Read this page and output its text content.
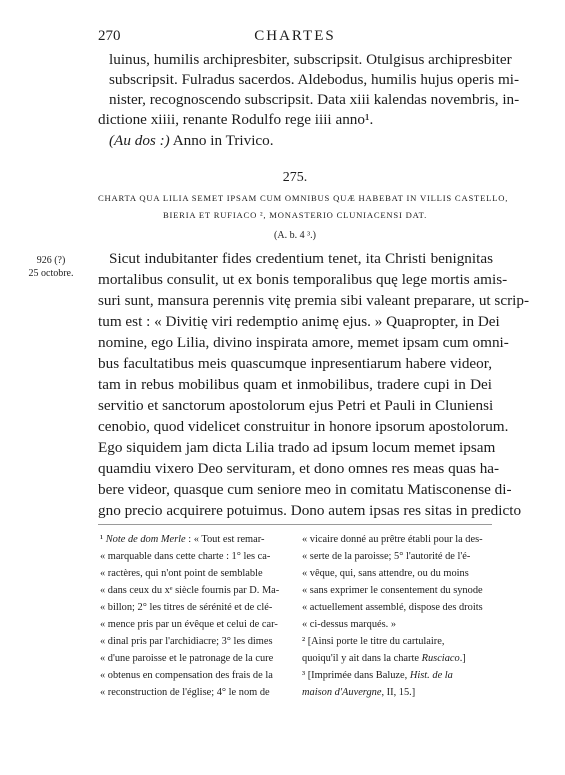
270	CHARTES
luinus, humilis archipresbiter, subscripsit. Otulgisus archipresbiter
subscripsit. Fulradus sacerdos. Aldebodus, humilis hujus operis mi-
nister, recognoscendo subscripsit. Data xiii kalendas novembris, in-
dictione xiiii, renante Rodulfo rege iiii anno¹.
(Au dos :) Anno in Trivico.
275.
CHARTA QUA LILIA SEMET IPSAM CUM OMNIBUS QUÆ HABEBAT IN VILLIS CASTELLO,
BIERIA ET RUFIACO ², MONASTERIO CLUNIACENSI DAT.
(A. b. 4 ³.)
926 (?)
25 octobre.
Sicut indubitanter fides credentium tenet, ita Christi benignitas
mortalibus consulit, ut ex bonis temporalibus quę lege mortis amis-
suri sunt, mansura perennis vitę premia sibi valeant preparare, ut scrip-
tum est : « Divitię viri redemptio animę ejus. » Quapropter, in Dei
nomine, ego Lilia, divino inspirata amore, memet ipsam cum omni-
bus facultatibus meis quascumque inpresentiarum habere videor,
tam in rebus mobilibus quam et inmobilibus, tradere cupi in Dei
servitio et sanctorum apostolorum ejus Petri et Pauli in Cluniensi
cenobio, quod videlicet construitur in honore ipsorum apostolorum.
Ego siquidem jam dicta Lilia trado ad ipsum locum memet ipsam
quamdiu vixero Deo servituram, et dono omnes res meas quas ha-
bere videor, quasque cum seniore meo in comitatu Matisconense di-
gno precio acquirere potuimus. Dono autem ipsas res sitas in predicto
¹ Note de dom Merle : « Tout est remar-
« marquable dans cette charte : 1° les ca-
« ractères, qui n'ont point de semblable
« dans ceux du xᵉ siècle fournis par D. Ma-
« billon; 2° les titres de sérénité et de clé-
« mence pris par un évêque et celui de car-
« dinal pris par l'archidiacre; 3° les dimes
« d'une paroisse et le patronage de la cure
« obtenus en compensation des frais de la
« reconstruction de l'église; 4° le nom de
« vicaire donné au prêtre établi pour la des-
« serte de la paroisse; 5° l'autorité de l'é-
« vêque, qui, sans attendre, ou du moins
« sans exprimer le consentement du synode
« actuellement assemblé, dispose des droits
« ci-dessus marqués. »
² [Ainsi porte le titre du cartulaire,
quoiqu'il y ait dans la charte Rusciaco.]
³ [Imprimée dans Baluze, Hist. de la
maison d'Auvergne, II, 15.]
